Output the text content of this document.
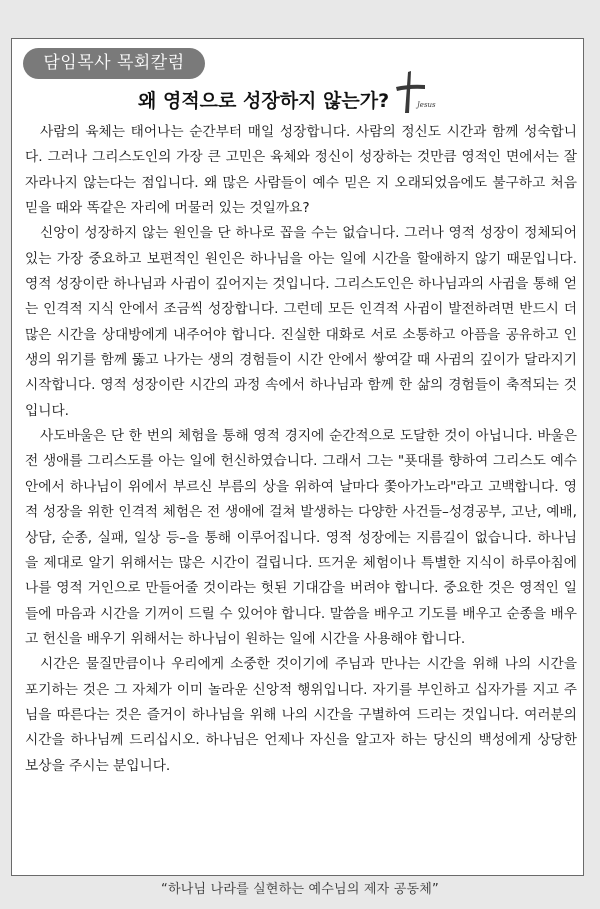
담임목사 목회칼럼
왜 영적으로 성장하지 않는가?	Jesus

사람의 육체는 태어나는 순간부터 매일 성장합니다. 사람의 정신도 시간과 함께 성숙합니다. 그러나 그리스도인의 가장 큰 고민은 육체와 정신이 성장하는 것만큼 영적인 면에서는 잘 자라나지 않는다는 점입니다. 왜 많은 사람들이 예수 믿은 지 오래되었음에도 불구하고 처음 믿을 때와 똑같은 자리에 머물러 있는 것일까요?

신앙이 성장하지 않는 원인을 단 하나로 꼽을 수는 없습니다. 그러나 영적 성장이 정체되어 있는 가장 중요하고 보편적인 원인은 하나님을 아는 일에 시간을 할애하지 않기 때문입니다. 영적 성장이란 하나님과 사귐이 깊어지는 것입니다. 그리스도인은 하나님과의 사귐을 통해 얻는 인격적 지식 안에서 조금씩 성장합니다. 그런데 모든 인격적 사귐이 발전하려면 반드시 더 많은 시간을 상대방에게 내주어야 합니다. 진실한 대화로 서로 소통하고 아픔을 공유하고 인생의 위기를 함께 뚫고 나가는 생의 경험들이 시간 안에서 쌓여갈 때 사귐의 깊이가 달라지기 시작합니다. 영적 성장이란 시간의 과정 속에서 하나님과 함께 한 삶의 경험들이 축적되는 것입니다.

사도바울은 단 한 번의 체험을 통해 영적 경지에 순간적으로 도달한 것이 아닙니다. 바울은 전 생애를 그리스도를 아는 일에 헌신하였습니다. 그래서 그는 "푯대를 향하여 그리스도 예수 안에서 하나님이 위에서 부르신 부름의 상을 위하여 날마다 쫓아가노라"라고 고백합니다. 영적 성장을 위한 인격적 체험은 전 생애에 걸쳐 발생하는 다양한 사건들–성경공부, 고난, 예배, 상담, 순종, 실패, 일상 등–을 통해 이루어집니다. 영적 성장에는 지름길이 없습니다. 하나님을 제대로 알기 위해서는 많은 시간이 걸립니다. 뜨거운 체험이나 특별한 지식이 하루아침에 나를 영적 거인으로 만들어줄 것이라는 헛된 기대감을 버려야 합니다. 중요한 것은 영적인 일들에 마음과 시간을 기꺼이 드릴 수 있어야 합니다. 말씀을 배우고 기도를 배우고 순종을 배우고 헌신을 배우기 위해서는 하나님이 원하는 일에 시간을 사용해야 합니다.

시간은 물질만큼이나 우리에게 소중한 것이기에 주님과 만나는 시간을 위해 나의 시간을 포기하는 것은 그 자체가 이미 놀라운 신앙적 행위입니다. 자기를 부인하고 십자가를 지고 주님을 따른다는 것은 즐거이 하나님을 위해 나의 시간을 구별하여 드리는 것입니다. 여러분의 시간을 하나님께 드리십시오. 하나님은 언제나 자신을 알고자 하는 당신의 백성에게 상당한 보상을 주시는 분입니다.

“하나님 나라를 실현하는 예수님의 제자 공동체”
